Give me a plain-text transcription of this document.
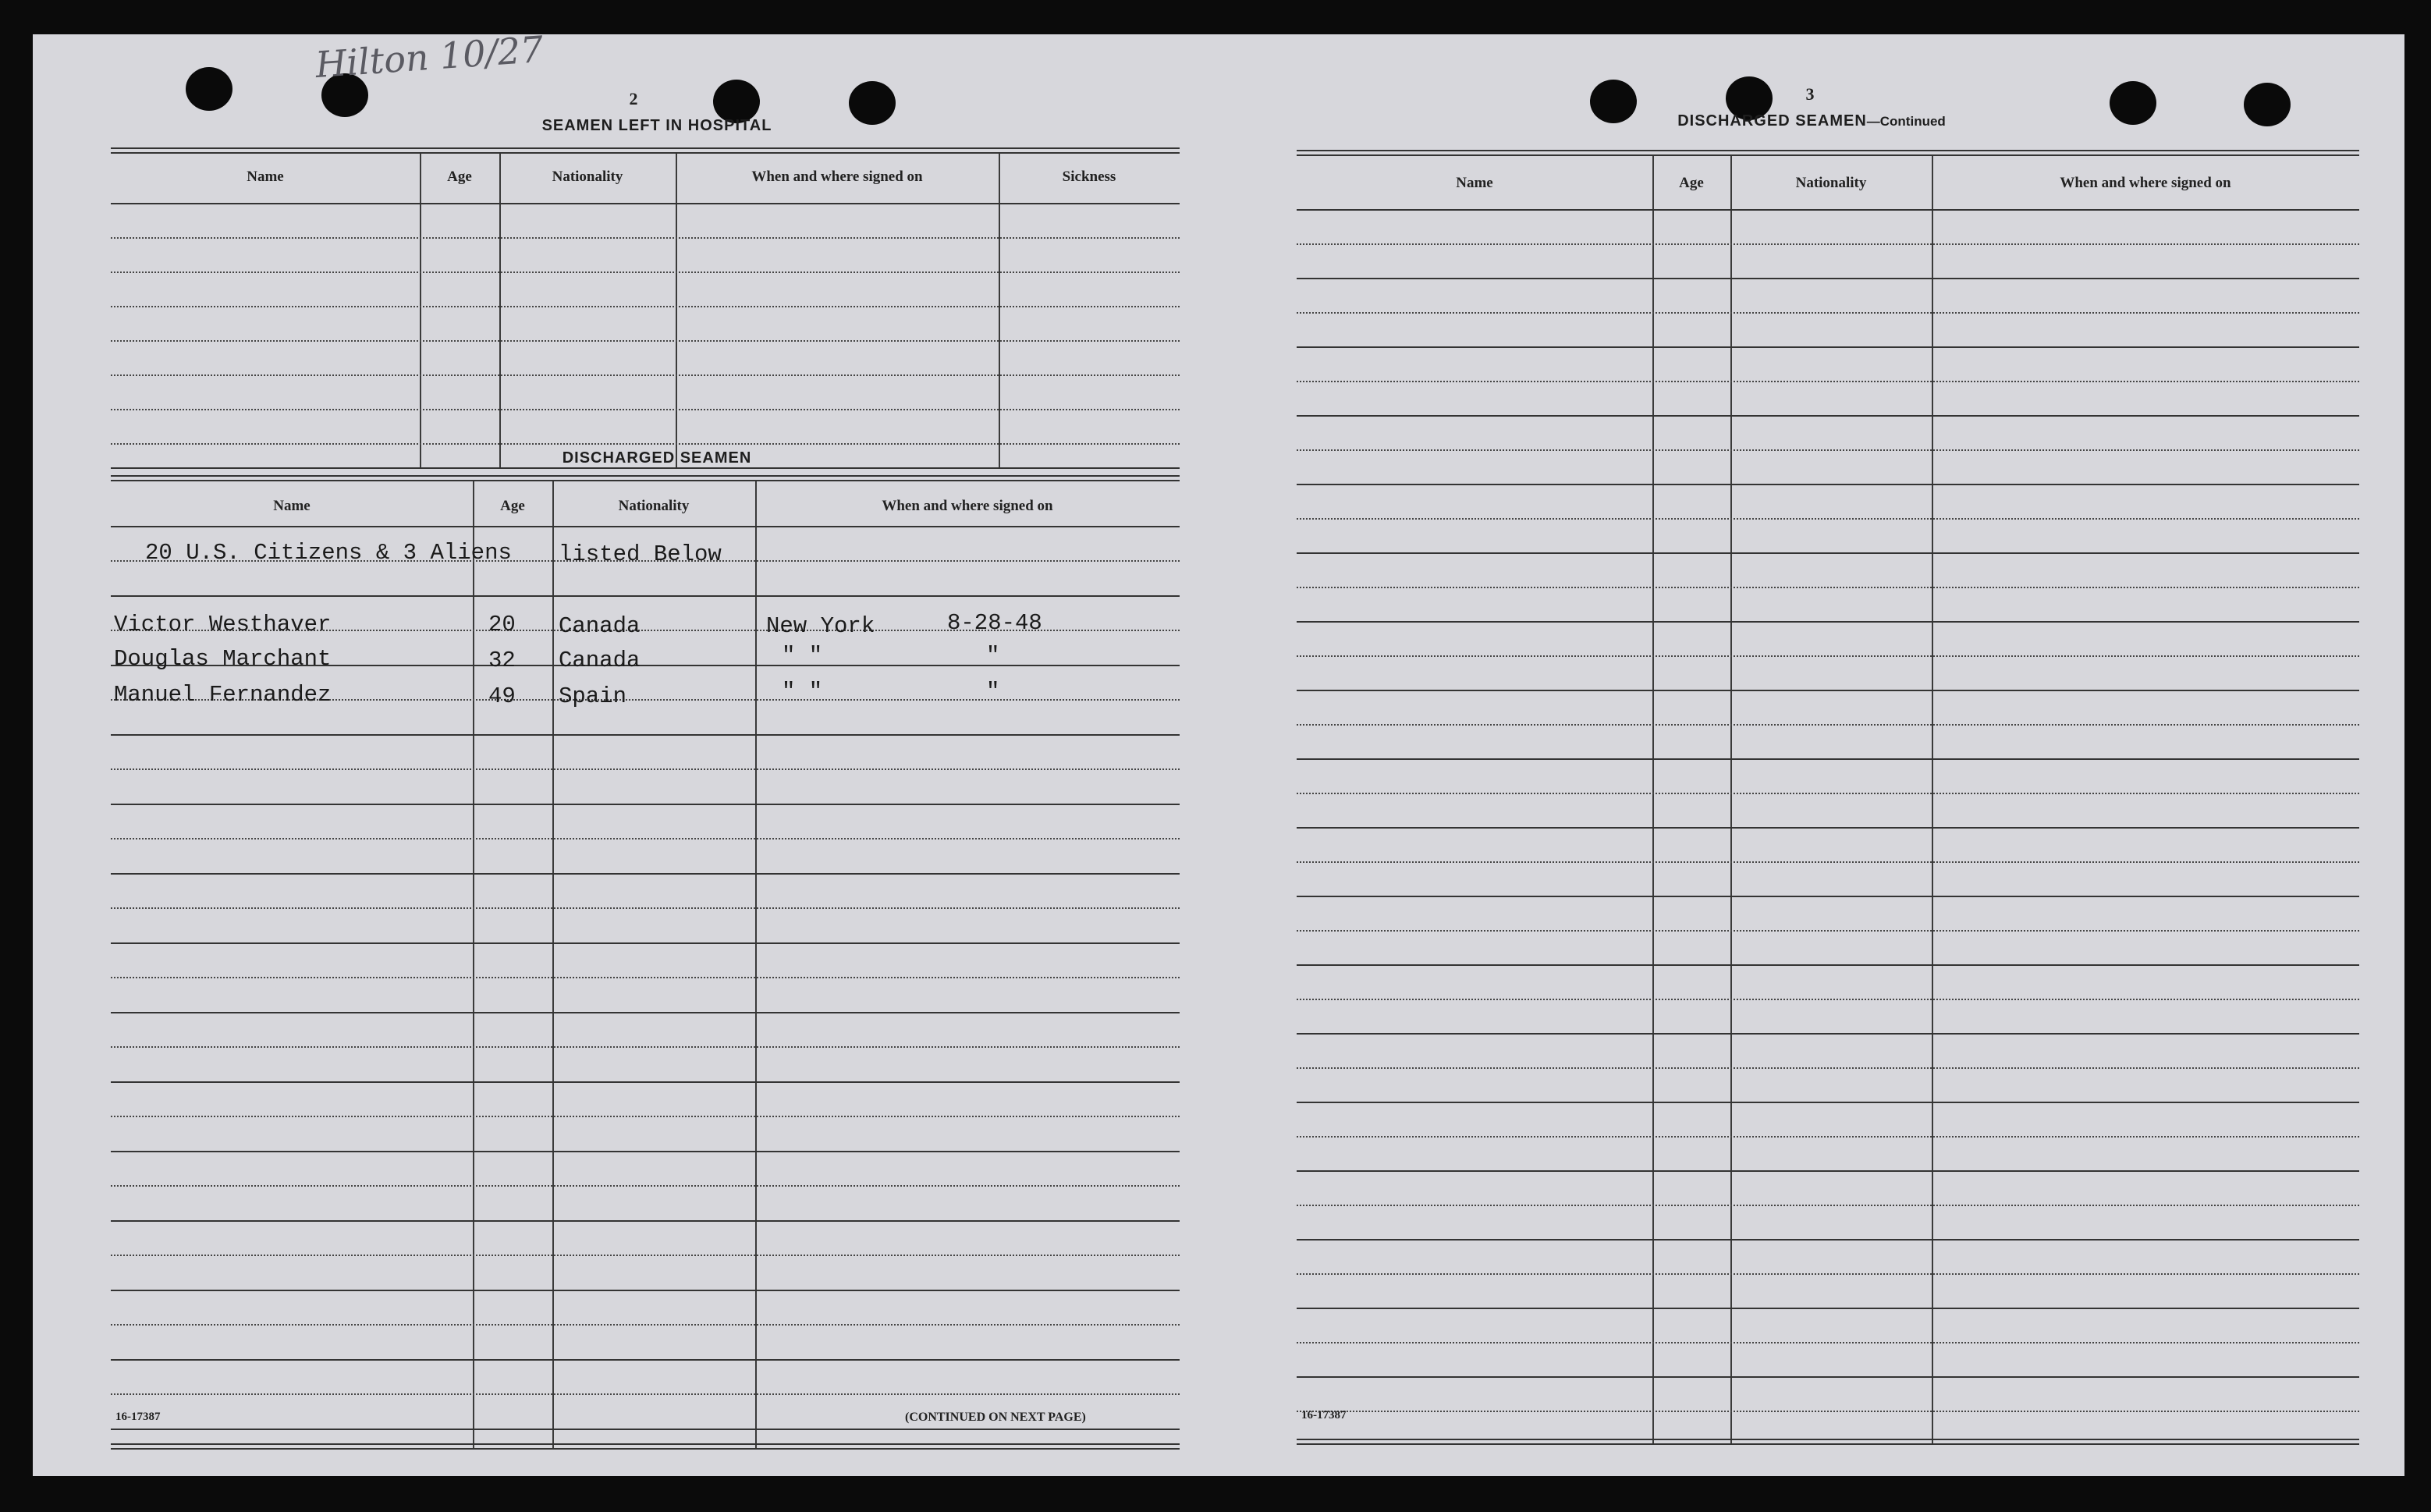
Hilton 10/27
2
SEAMEN LEFT IN HOSPITAL
Name	Age	Nationality	When and where signed on	Sickness
DISCHARGED SEAMEN
Name	Age	Nationality	When and where signed on
20 U.S. Citizens & 3 Aliens listed Below
Victor Westhaver	20 Canada	New York	8-28-48
Douglas Marchant	32 Canada	" "	"
Manuel Fernandez	49 Spain	" "	"
16-17387	(CONTINUED ON NEXT PAGE)
3
DISCHARGED SEAMEN—Continued
Name	Age	Nationality	When and where signed on
16-17387
